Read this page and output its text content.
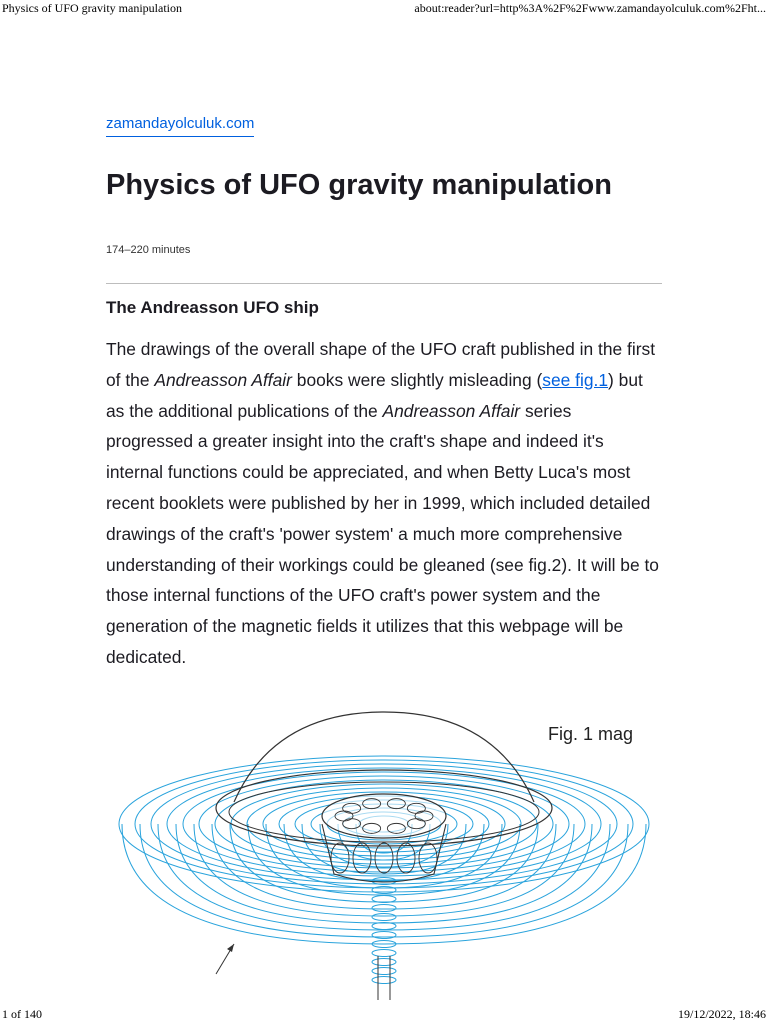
Physics of UFO gravity manipulation	about:reader?url=http%3A%2F%2Fwww.zamandayolculuk.com%2Fht...
zamandayolculuk.com
Physics of UFO gravity manipulation
174–220 minutes
The Andreasson UFO ship

The drawings of the overall shape of the UFO craft published in the first of the Andreasson Affair books were slightly misleading (see fig.1) but as the additional publications of the Andreasson Affair series progressed a greater insight into the craft's shape and indeed it's internal functions could be appreciated, and when Betty Luca's most recent booklets were published by her in 1999, which included detailed drawings of the craft's 'power system' a much more comprehensive understanding of their workings could be gleaned (see fig.2). It will be to those internal functions of the UFO craft's power system and the generation of the magnetic fields it utilizes that this webpage will be dedicated.

Fig. 1 mag
1 of 140	19/12/2022, 18:46
